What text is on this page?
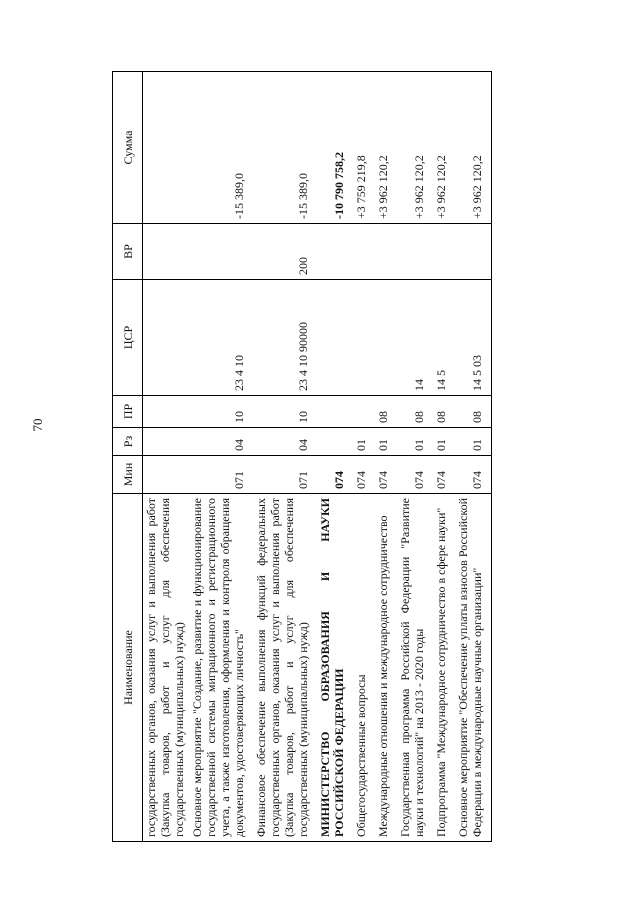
70
Наименование	Мин	Рз	ПР	ЦСР	ВР	Сумма
государственных органов, оказания услуг и выполнения работ (Закупка товаров, работ и услуг для обеспечения государственных (муниципальных) нужд)						
Основное мероприятие "Создание, развитие и функционирование государственной системы миграционного и регистрационного учета, а также изготовления, оформления и контроля обращения документов, удостоверяющих личность"	071	04	10	23 4 10		-15 389,0
Финансовое обеспечение выполнения функций федеральных государственных органов, оказания услуг и выполнения работ (Закупка товаров, работ и услуг для обеспечения государственных (муниципальных) нужд)	071	04	10	23 4 10 90000	200	-15 389,0
МИНИСТЕРСТВО ОБРАЗОВАНИЯ И НАУКИ РОССИЙСКОЙ ФЕДЕРАЦИИ	074					-10 790 758,2
Общегосударственные вопросы	074	01				+3 759 219,8
Международные отношения и международное сотрудничество	074	01	08			+3 962 120,2
Государственная программа Российской Федерации "Развитие науки и технологий" на 2013 - 2020 годы	074	01	08	14		+3 962 120,2
Подпрограмма "Международное сотрудничество в сфере науки"	074	01	08	14 5		+3 962 120,2
Основное мероприятие "Обеспечение уплаты взносов Российской Федерации в международные научные организации"	074	01	08	14 5 03		+3 962 120,2
